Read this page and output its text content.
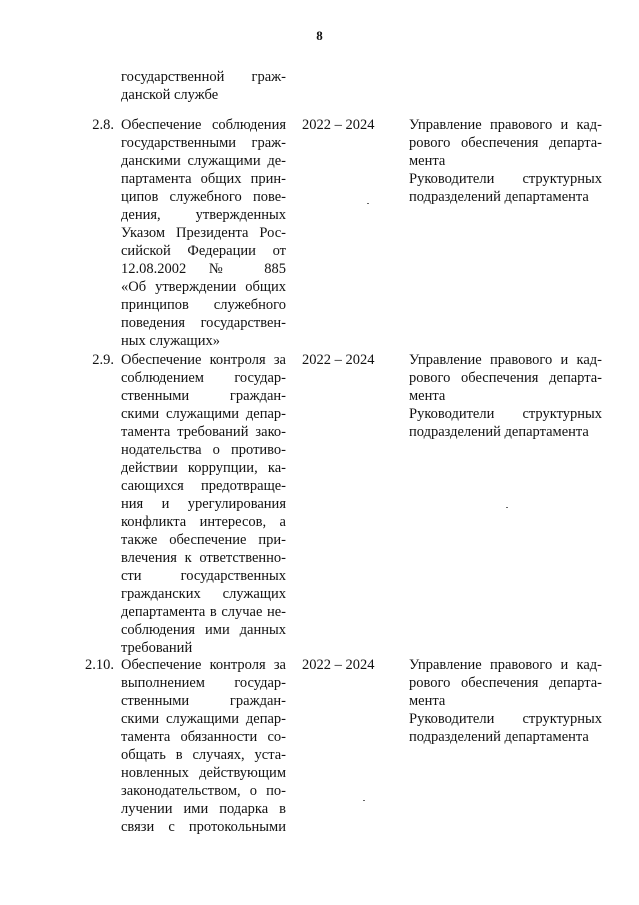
8
государственной граж-
данской службе
2.8. Обеспечение соблюдения
государственными граж-
данскими служащими де-
партамента общих прин-
ципов служебного пове-
дения, утвержденных
Указом Президента Рос-
сийской Федерации от
12.08.2002 № 885
«Об утверждении общих
принципов служебного
поведения государствен-
ных служащих»
2022 – 2024	Управление правового и кад-
рового обеспечения департа-
мента
Руководители структурных
подразделений департамента
2.9. Обеспечение контроля за
соблюдением государ-
ственными граждан-
скими служащими депар-
тамента требований зако-
нодательства о противо-
действии коррупции, ка-
сающихся предотвраще-
ния и урегулирования
конфликта интересов, а
также обеспечение при-
влечения к ответственно-
сти государственных
гражданских служащих
департамента в случае не-
соблюдения ими данных
требований
2022 – 2024	Управление правового и кад-
рового обеспечения департа-
мента
Руководители структурных
подразделений департамента
2.10. Обеспечение контроля за
выполнением государ-
ственными граждан-
скими служащими депар-
тамента обязанности со-
общать в случаях, уста-
новленных действующим
законодательством, о по-
лучении ими подарка в
связи с протокольными
2022 – 2024	Управление правового и кад-
рового обеспечения департа-
мента
Руководители структурных
подразделений департамента
